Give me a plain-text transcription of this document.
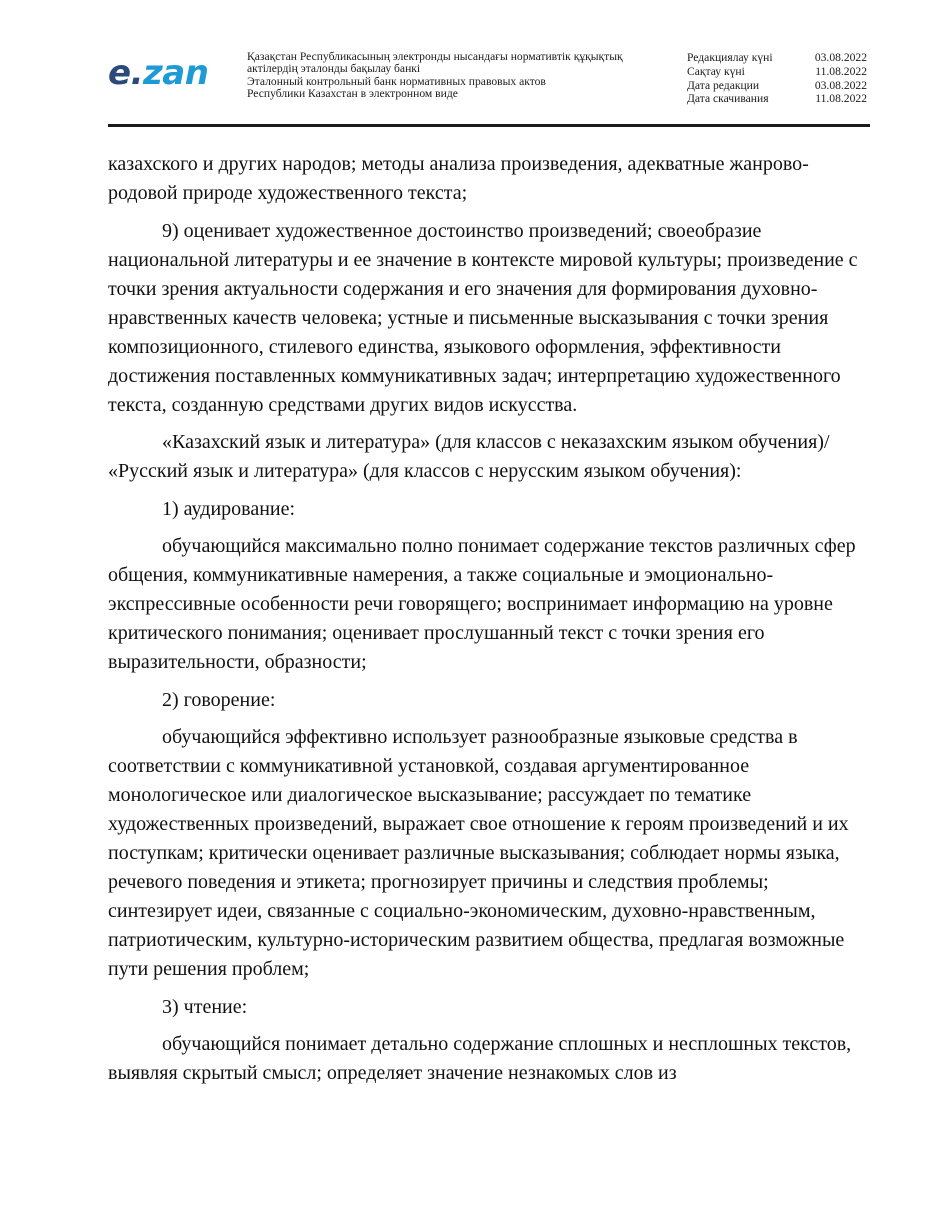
e . zan	Қазақстан Республикасының электронды нысандағы нормативтік құқықтық
актілердің эталонды бақылау банкі
Эталонный контрольный банк нормативных правовых актов
Республики Казахстан в электронном виде
Редакциялау күні	03.08.2022
Сақтау күні	11.08.2022
Дата редакции	03.08.2022
Дата скачивания	11.08.2022

казахского и других народов; методы анализа произведения, адекватные жанрово-родовой природе художественного текста;

9) оценивает художественное достоинство произведений; своеобразие национальной литературы и ее значение в контексте мировой культуры; произведение с точки зрения актуальности содержания и его значения для формирования духовно-нравственных качеств человека; устные и письменные высказывания с точки зрения композиционного, стилевого единства, языкового оформления, эффективности достижения поставленных коммуникативных задач; интерпретацию художественного текста, созданную средствами других видов искусства.

«Казахский язык и литература» (для классов с неказахским языком обучения)/ «Русский язык и литература» (для классов с нерусским языком обучения):

1) аудирование:

обучающийся максимально полно понимает содержание текстов различных сфер общения, коммуникативные намерения, а также социальные и эмоционально-экспрессивные особенности речи говорящего; воспринимает информацию на уровне критического понимания; оценивает прослушанный текст с точки зрения его выразительности, образности;

2) говорение:

обучающийся эффективно использует разнообразные языковые средства в соответствии с коммуникативной установкой, создавая аргументированное монологическое или диалогическое высказывание; рассуждает по тематике художественных произведений, выражает свое отношение к героям произведений и их поступкам; критически оценивает различные высказывания; соблюдает нормы языка, речевого поведения и этикета; прогнозирует причины и следствия проблемы; синтезирует идеи, связанные с социально-экономическим, духовно-нравственным, патриотическим, культурно-историческим развитием общества, предлагая возможные пути решения проблем;

3) чтение:

обучающийся понимает детально содержание сплошных и несплошных текстов, выявляя скрытый смысл; определяет значение незнакомых слов из
